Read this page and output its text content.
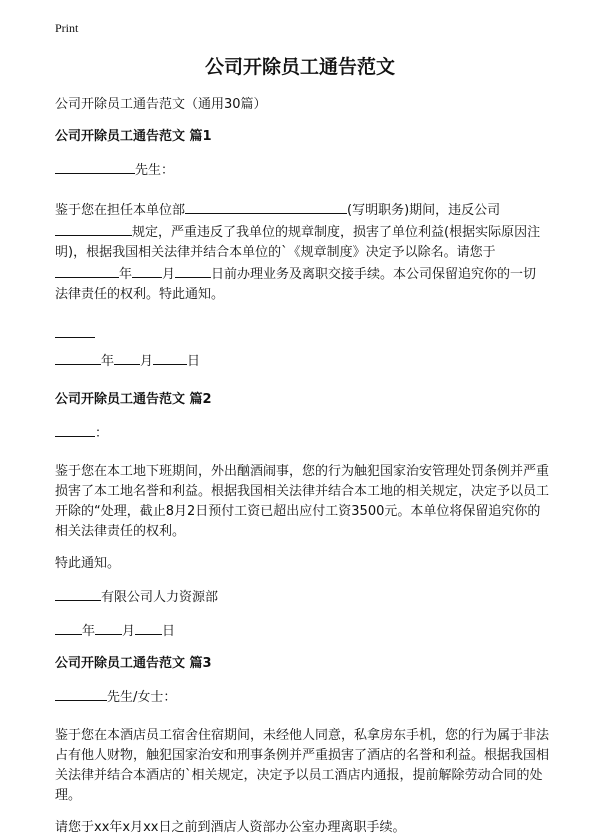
Print
公司开除员工通告范文

公司开除员工通告范文（通用30篇）

公司开除员工通告范文 篇1

先生：

鉴于您在担任本单位部	(写明职务)期间，违反公司
规定，严重违反了我单位的规章制度，损害了单位利益(根据实际原因注明)，根据我国相关法律并结合本单位的`《规章制度》决定予以除名。请您于
年 月	日前办理业务及离职交接手续。本公司保留追究你的一切法律责任的权利。特此通知。

年 月	日

公司开除员工通告范文 篇2

：

鉴于您在本工地下班期间，外出酗酒闹事，您的行为触犯国家治安管理处罚条例并严重损害了本工地名誉和利益。根据我国相关法律并结合本工地的相关规定，决定予以员工开除的“处理，截止8月2日预付工资已超出应付工资3500元。本单位将保留追究你的相关法律责任的权利。

特此通知。

有限公司人力资源部

年 月 日

公司开除员工通告范文 篇3

先生/女士：

鉴于您在本酒店员工宿舍住宿期间，未经他人同意，私拿房东手机，您的行为属于非法占有他人财物，触犯国家治安和刑事条例并严重损害了酒店的名誉和利益。根据我国相关法律并结合本酒店的`相关规定，决定予以员工酒店内通报，提前解除劳动合同的处理。

请您于xx年x月xx日之前到酒店人资部办公室办理离职手续。
